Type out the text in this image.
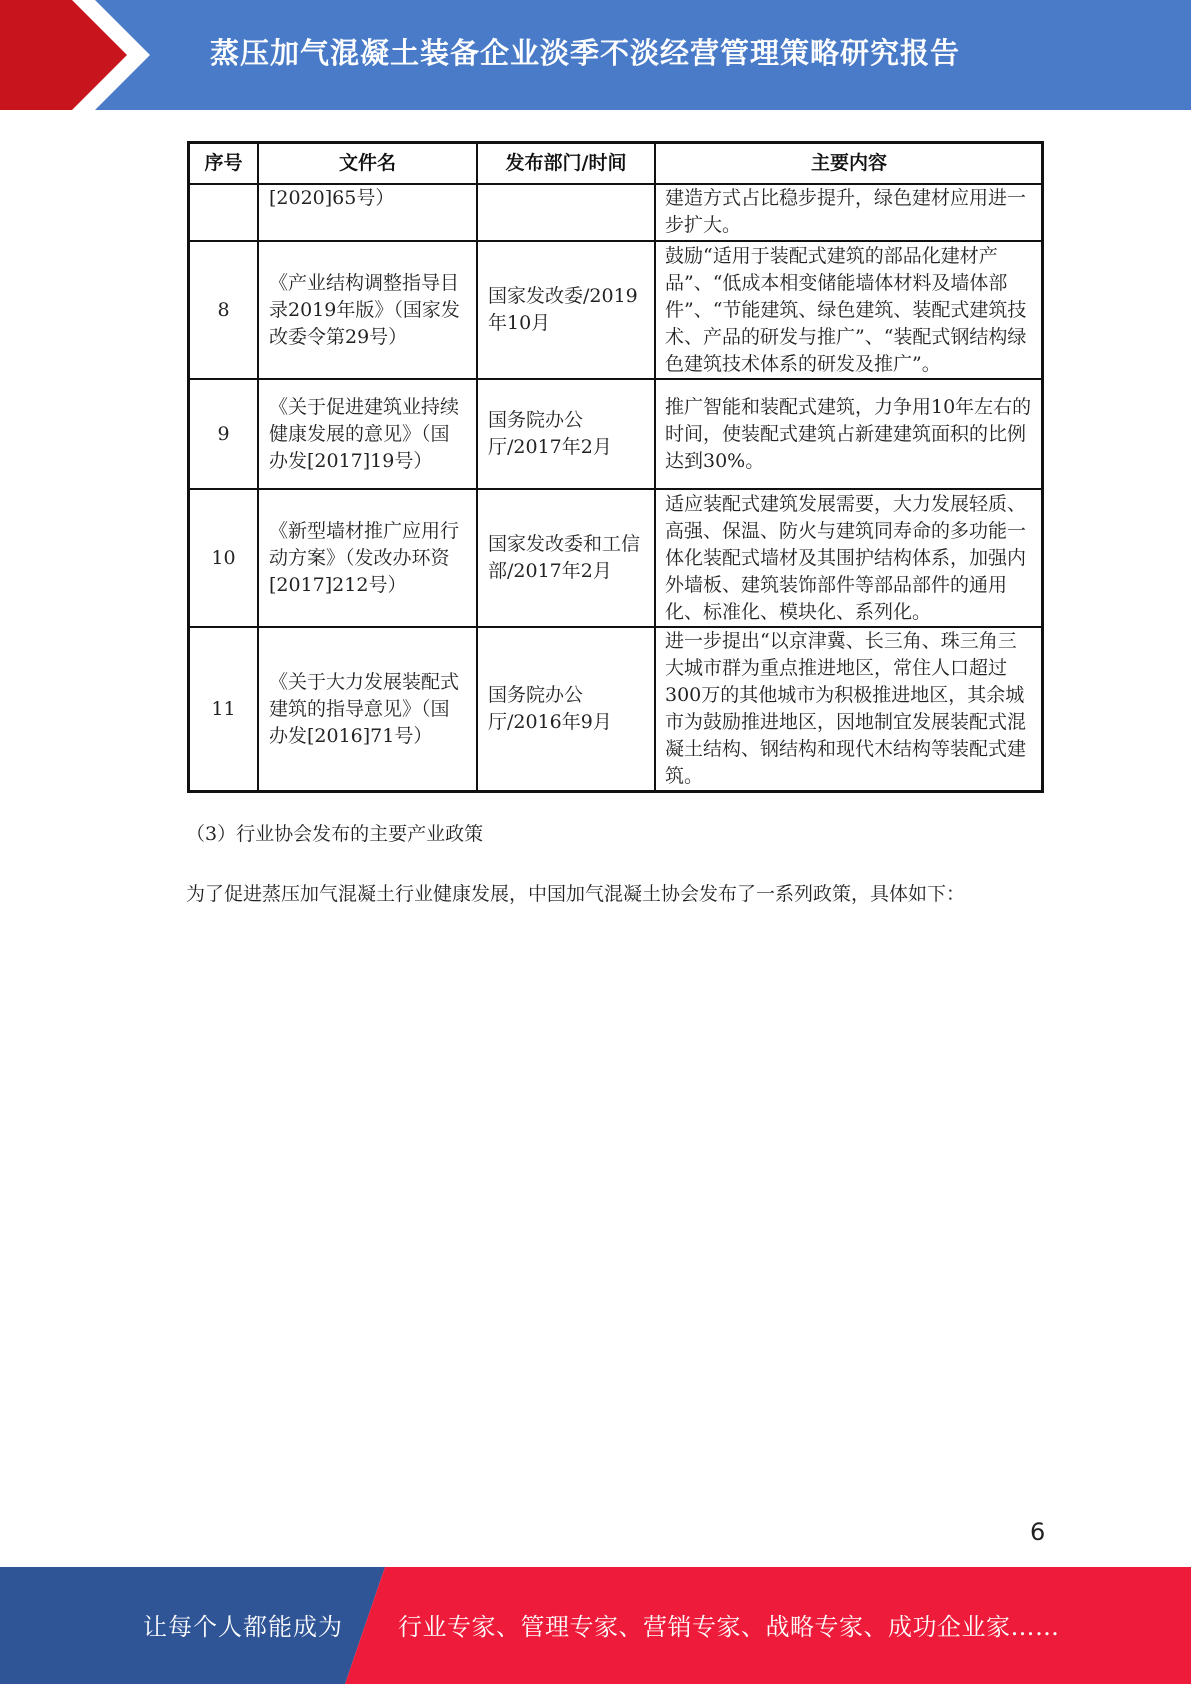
蒸压加气混凝土装备企业淡季不淡经营管理策略研究报告
序号	文件名	发布部门/时间	主要内容
	[2020]65号）		建造方式占比稳步提升，绿色建材应用进一步扩大。
8	《产业结构调整指导目录2019年版》（国家发改委令第29号）	国家发改委/2019年10月	鼓励“适用于装配式建筑的部品化建材产品”、“低成本相变储能墙体材料及墙体部件”、“节能建筑、绿色建筑、装配式建筑技术、产品的研发与推广”、“装配式钢结构绿色建筑技术体系的研发及推广”。
9	《关于促进建筑业持续健康发展的意见》（国办发[2017]19号）	国务院办公厅/2017年2月	推广智能和装配式建筑，力争用10年左右的时间，使装配式建筑占新建建筑面积的比例达到30%。
10	《新型墙材推广应用行动方案》（发改办环资[2017]212号）	国家发改委和工信部/2017年2月	适应装配式建筑发展需要，大力发展轻质、高强、保温、防火与建筑同寿命的多功能一体化装配式墙材及其围护结构体系，加强内外墙板、建筑装饰部件等部品部件的通用化、标准化、模块化、系列化。
11	《关于大力发展装配式建筑的指导意见》（国办发[2016]71号）	国务院办公厅/2016年9月	进一步提出“以京津冀、长三角、珠三角三大城市群为重点推进地区，常住人口超过300万的其他城市为积极推进地区，其余城市为鼓励推进地区，因地制宜发展装配式混凝土结构、钢结构和现代木结构等装配式建筑。
（3）行业协会发布的主要产业政策
为了促进蒸压加气混凝土行业健康发展，中国加气混凝土协会发布了一系列政策，具体如下：
6
让每个人都能成为 行业专家、管理专家、营销专家、战略专家、成功企业家……
